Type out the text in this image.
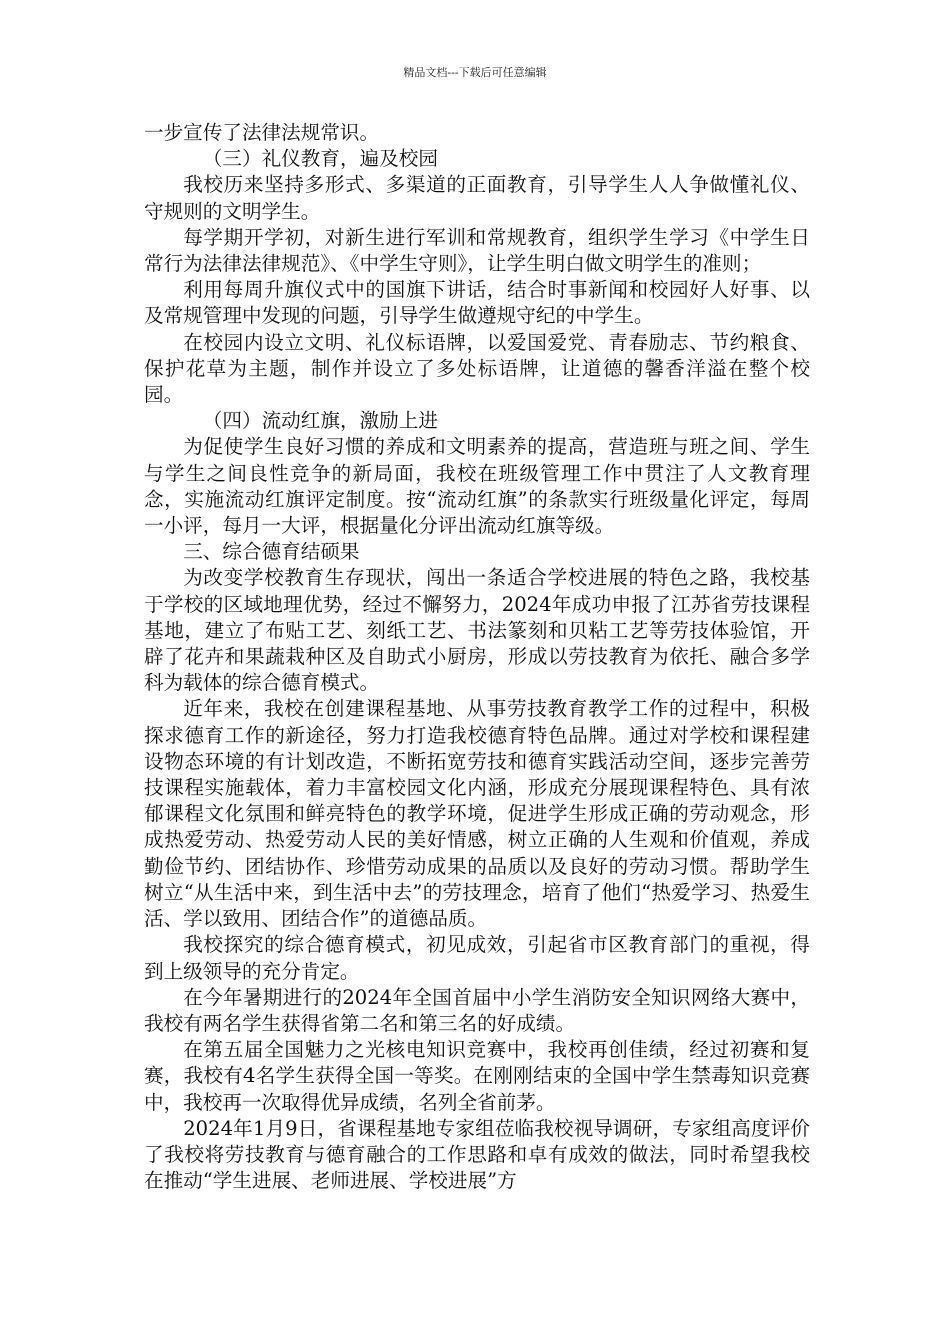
精品文档---下载后可任意编辑

一步宣传了法律法规常识。

（三）礼仪教育，遍及校园

我校历来坚持多形式、多渠道的正面教育，引导学生人人争做懂礼仪、守规则的文明学生。

每学期开学初，对新生进行军训和常规教育，组织学生学习《中学生日常行为法律法律规范》、《中学生守则》，让学生明白做文明学生的准则；

利用每周升旗仪式中的国旗下讲话，结合时事新闻和校园好人好事、以及常规管理中发现的问题，引导学生做遵规守纪的中学生。

在校园内设立文明、礼仪标语牌，以爱国爱党、青春励志、节约粮食、保护花草为主题，制作并设立了多处标语牌，让道德的馨香洋溢在整个校园。

（四）流动红旗，激励上进

为促使学生良好习惯的养成和文明素养的提高，营造班与班之间、学生与学生之间良性竞争的新局面，我校在班级管理工作中贯注了人文教育理念，实施流动红旗评定制度。按“流动红旗”的条款实行班级量化评定，每周一小评，每月一大评，根据量化分评出流动红旗等级。

三、综合德育结硕果

为改变学校教育生存现状，闯出一条适合学校进展的特色之路，我校基于学校的区域地理优势，经过不懈努力，2024年成功申报了江苏省劳技课程基地，建立了布贴工艺、刻纸工艺、书法篆刻和贝粘工艺等劳技体验馆，开辟了花卉和果蔬栽种区及自助式小厨房，形成以劳技教育为依托、融合多学科为载体的综合德育模式。

近年来，我校在创建课程基地、从事劳技教育教学工作的过程中，积极探求德育工作的新途径，努力打造我校德育特色品牌。通过对学校和课程建设物态环境的有计划改造，不断拓宽劳技和德育实践活动空间，逐步完善劳技课程实施载体，着力丰富校园文化内涵，形成充分展现课程特色、具有浓郁课程文化氛围和鲜亮特色的教学环境，促进学生形成正确的劳动观念，形成热爱劳动、热爱劳动人民的美好情感，树立正确的人生观和价值观，养成勤俭节约、团结协作、珍惜劳动成果的品质以及良好的劳动习惯。帮助学生树立“从生活中来，到生活中去”的劳技理念，培育了他们“热爱学习、热爱生活、学以致用、团结合作”的道德品质。

我校探究的综合德育模式，初见成效，引起省市区教育部门的重视，得到上级领导的充分肯定。

在今年暑期进行的2024年全国首届中小学生消防安全知识网络大赛中，我校有两名学生获得省第二名和第三名的好成绩。

在第五届全国魅力之光核电知识竞赛中，我校再创佳绩，经过初赛和复赛，我校有4名学生获得全国一等奖。在刚刚结束的全国中学生禁毒知识竞赛中，我校再一次取得优异成绩，名列全省前茅。

2024年1月9日，省课程基地专家组莅临我校视导调研，专家组高度评价了我校将劳技教育与德育融合的工作思路和卓有成效的做法，同时希望我校在推动“学生进展、老师进展、学校进展”方
